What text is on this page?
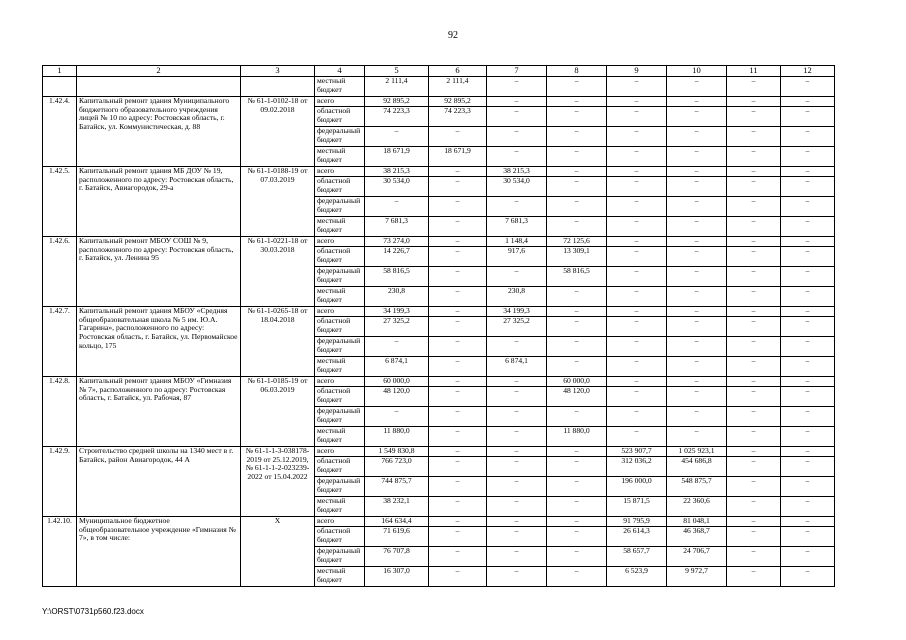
92
1	2	3	4	5	6	7	8	9	10	11	12
			местный бюджет	2 111,4	2 111,4	–	–	–	–	–	–
1.42.4.	Капитальный ремонт здания Муниципального бюджетного образовательного учреждения лицей № 10 по адресу: Ростовская область, г. Батайск, ул. Коммунистическая, д. 88	№ 61-1-0102-18 от 09.02.2018	всего	92 895,2	92 895,2	–	–	–	–	–	–
			областной бюджет	74 223,3	74 223,3	–	–	–	–	–	–
			федеральный бюджет	–	–	–	–	–	–	–	–
			местный бюджет	18 671,9	18 671,9	–	–	–	–	–	–
1.42.5.	Капитальный ремонт здания МБ ДОУ № 19, расположенного по адресу: Ростовская область, г. Батайск, Авиагородок, 29-а	№ 61-1-0188-19 от 07.03.2019	всего	38 215,3	–	38 215,3	–	–	–	–	–
			областной бюджет	30 534,0	–	30 534,0	–	–	–	–	–
			федеральный бюджет	–	–	–	–	–	–	–	–
			местный бюджет	7 681,3	–	7 681,3	–	–	–	–	–
1.42.6.	Капитальный ремонт МБОУ СОШ № 9, расположенного по адресу: Ростовская область, г. Батайск, ул. Ленина 95	№ 61-1-0221-18 от 30.03.2018	всего	73 274,0	–	1 148,4	72 125,6	–	–	–	–
			областной бюджет	14 226,7	–	917,6	13 309,1	–	–	–	–
			федеральный бюджет	58 816,5	–	–	58 816,5	–	–	–	–
			местный бюджет	230,8	–	230,8	–	–	–	–	–
1.42.7.	Капитальный ремонт здания МБОУ «Средняя общеобразовательная школа № 5 им. Ю.А. Гагарина», расположенного по адресу: Ростовская область, г. Батайск, ул. Первомайское кольцо, 175	№ 61-1-0265-18 от 18.04.2018	всего	34 199,3	–	34 199,3	–	–	–	–	–
			областной бюджет	27 325,2	–	27 325,2	–	–	–	–	–
			федеральный бюджет	–	–	–	–	–	–	–	–
			местный бюджет	6 874,1	–	6 874,1	–	–	–	–	–
1.42.8.	Капитальный ремонт здания МБОУ «Гимназия № 7», расположенного по адресу: Ростовская область, г. Батайск, ул. Рабочая, 87	№ 61-1-0185-19 от 06.03.2019	всего	60 000,0	–	–	60 000,0	–	–	–	–
			областной бюджет	48 120,0	–	–	48 120,0	–	–	–	–
			федеральный бюджет	–	–	–	–	–	–	–	–
			местный бюджет	11 880,0	–	–	11 880,0	–	–	–	–
1.42.9.	Строительство средней школы на 1340 мест в г. Батайск, район Авиагородок, 44 А	№ 61-1-1-3-038178-2019 от 25.12.2019, № 61-1-1-2-023239-2022 от 15.04.2022	всего	1 549 830,8	–	–	–	523 907,7	1 025 923,1	–	–
			областной бюджет	766 723,0	–	–	–	312 036,2	454 686,8	–	–
			федеральный бюджет	744 875,7	–	–	–	196 000,0	548 875,7	–	–
			местный бюджет	38 232,1	–	–	–	15 871,5	22 360,6	–	–
1.42.10.	Муниципальное бюджетное общеобразовательное учреждение «Гимназия № 7», в том числе:	Х	всего	164 634,4	–	–	–	91 795,9	81 048,1	–	–
			областной бюджет	71 619,6	–	–	–	26 614,3	46 368,7	–	–
			федеральный бюджет	76 707,8	–	–	–	58 657,7	24 706,7	–	–
			местный бюджет	16 307,0	–	–	–	6 523,9	9 972,7	–	–
Y:\ORST\0731p560.f23.docx
